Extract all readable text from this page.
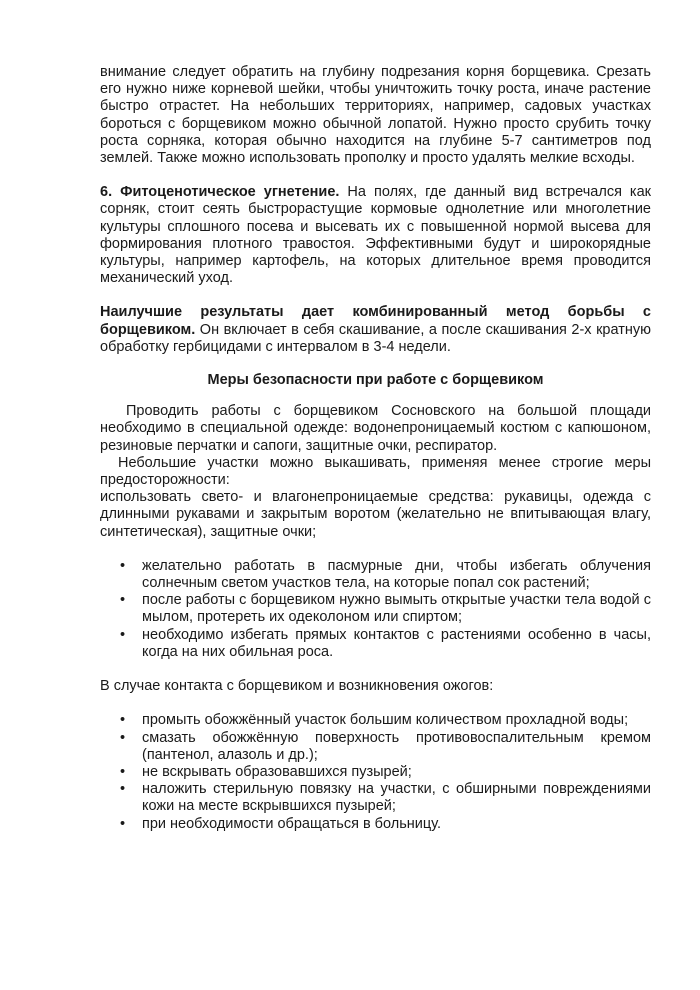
внимание следует обратить на глубину подрезания корня борщевика. Срезать его нужно ниже корневой шейки, чтобы уничтожить точку роста, иначе растение быстро отрастет. На небольших территориях, например, садовых участках бороться с борщевиком можно обычной лопатой. Нужно просто срубить точку роста сорняка, которая обычно находится на глубине 5-7 сантиметров под землей. Также можно использовать прополку и просто удалять мелкие всходы.

6. Фитоценотическое угнетение. На полях, где данный вид встречался как сорняк, стоит сеять быстрорастущие кормовые однолетние или многолетние культуры сплошного посева и высевать их с повышенной нормой высева для формирования плотного травостоя. Эффективными будут и широкорядные культуры, например картофель, на которых длительное время проводится механический уход.

Наилучшие результаты дает комбинированный метод борьбы с борщевиком. Он включает в себя скашивание, а после скашивания 2-х кратную обработку гербицидами с интервалом в 3-4 недели.

Меры безопасности при работе с борщевиком

Проводить работы с борщевиком Сосновского на большой площади необходимо в специальной одежде: водонепроницаемый костюм с капюшоном, резиновые перчатки и сапоги, защитные очки, респиратор.

Небольшие участки можно выкашивать, применяя менее строгие меры предосторожности:

использовать свето- и влагонепроницаемые средства: рукавицы, одежда с длинными рукавами и закрытым воротом (желательно не впитывающая влагу, синтетическая), защитные очки;

• желательно работать в пасмурные дни, чтобы избегать облучения солнечным светом участков тела, на которые попал сок растений;
• после работы с борщевиком нужно вымыть открытые участки тела водой с мылом, протереть их одеколоном или спиртом;
• необходимо избегать прямых контактов с растениями особенно в часы, когда на них обильная роса.

В случае контакта с борщевиком и возникновения ожогов:

• промыть обожжённый участок большим количеством прохладной воды;
• смазать обожжённую поверхность противовоспалительным кремом (пантенол, алазоль и др.);
• не вскрывать образовавшихся пузырей;
• наложить стерильную повязку на участки, с обширными повреждениями кожи на месте вскрывшихся пузырей;
• при необходимости обращаться в больницу.
